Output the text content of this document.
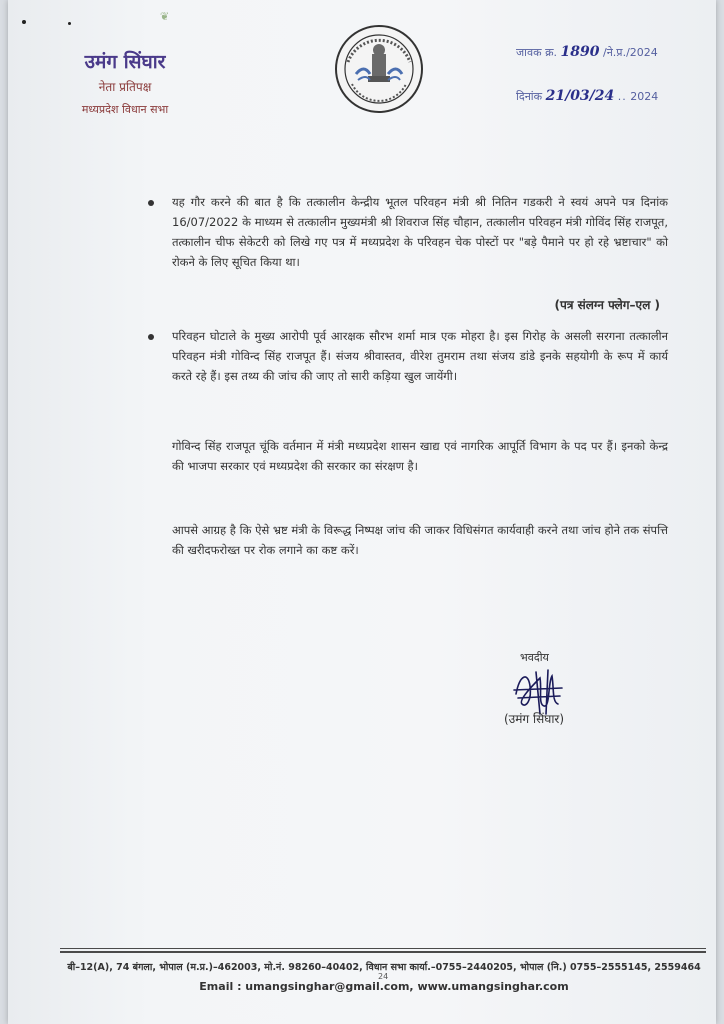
❦
उमंग सिंघार
नेता प्रतिपक्ष
मध्यप्रदेश विधान सभा
जावक क्र. 1890 /ने.प्र./2024
दिनांक 21/03/24 .. 2024
यह गौर करने की बात है कि तत्कालीन केन्द्रीय भूतल परिवहन मंत्री श्री नितिन गडकरी ने स्वयं अपने पत्र दिनांक 16/07/2022 के माध्यम से तत्कालीन मुख्यमंत्री श्री शिवराज सिंह चौहान, तत्कालीन परिवहन मंत्री गोविंद सिंह राजपूत, तत्कालीन चीफ सेकेटरी को लिखे गए पत्र में मध्यप्रदेश के परिवहन चेक पोस्टों पर "बड़े पैमाने पर हो रहे भ्रष्टाचार" को रोकने के लिए सूचित किया था।
(पत्र संलग्न फ्लेग–एल )
परिवहन घोटाले के मुख्य आरोपी पूर्व आरक्षक सौरभ शर्मा मात्र एक मोहरा है। इस गिरोह के असली सरगना तत्कालीन परिवहन मंत्री गोविन्द सिंह राजपूत हैं। संजय श्रीवास्तव, वीरेश तुमराम तथा संजय डांडे इनके सहयोगी के रूप में कार्य करते रहे हैं। इस तथ्य की जांच की जाए तो सारी कड़िया खुल जायेंगी।
गोविन्द सिंह राजपूत चूंकि वर्तमान में मंत्री मध्यप्रदेश शासन खाद्य एवं नागरिक आपूर्ति विभाग के पद पर हैं। इनको केन्द्र की भाजपा सरकार एवं मध्यप्रदेश की सरकार का संरक्षण है।
आपसे आग्रह है कि ऐसे भ्रष्ट मंत्री के विरूद्ध निष्पक्ष जांच की जाकर विधिसंगत कार्यवाही करने तथा जांच होने तक संपत्ति की खरीदफरोख्त पर रोक लगाने का कष्ट करें।
भवदीय
(उमंग सिंघार)
बी–12(A), 74 बंगला, भोपाल (म.प्र.)–462003, मो.नं. 98260–40402, विधान सभा कार्या.–0755–2440205, भोपाल (नि.) 0755–2555145, 2559464
24
Email : umangsinghar@gmail.com, www.umangsinghar.com
